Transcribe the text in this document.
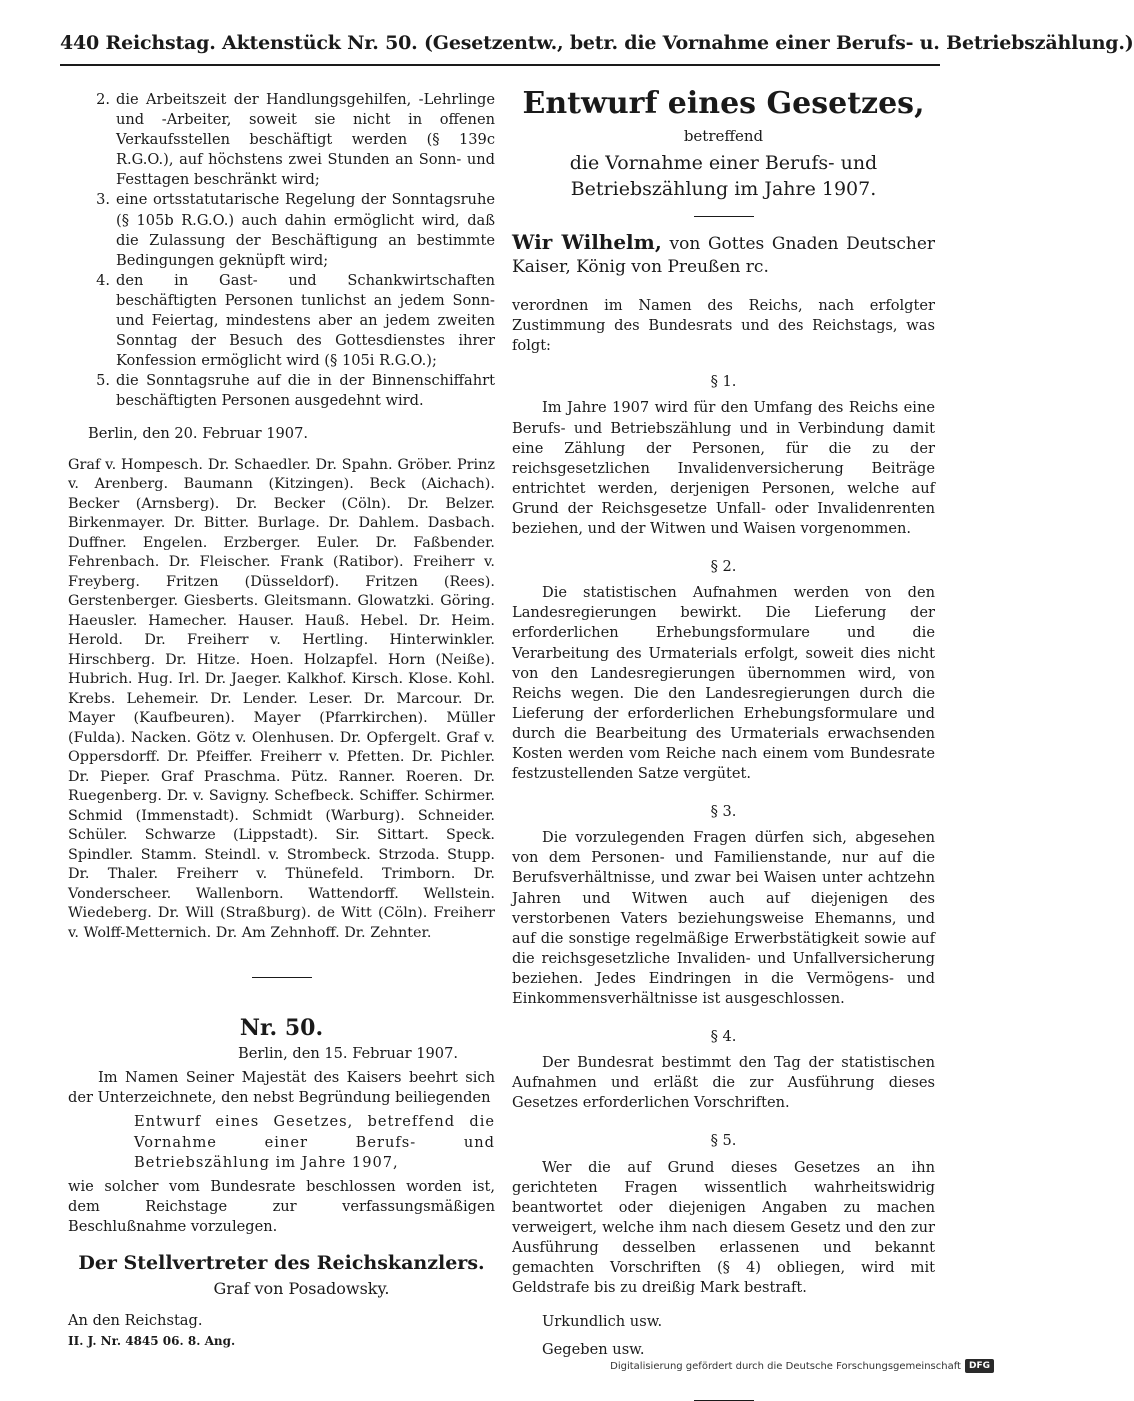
440 Reichstag. Aktenstück Nr. 50. (Gesetzentw., betr. die Vornahme einer Berufs- u. Betriebszählung.)
2. die Arbeitszeit der Handlungsgehilfen, -Lehrlinge und -Arbeiter, soweit sie nicht in offenen Verkaufsstellen beschäftigt werden (§ 139c R.G.O.), auf höchstens zwei Stunden an Sonn- und Festtagen beschränkt wird;
3. eine ortsstatutarische Regelung der Sonntagsruhe (§ 105b R.G.O.) auch dahin ermöglicht wird, daß die Zulassung der Beschäftigung an bestimmte Bedingungen geknüpft wird;
4. den in Gast- und Schankwirtschaften beschäftigten Personen tunlichst an jedem Sonn- und Feiertag, mindestens aber an jedem zweiten Sonntag der Besuch des Gottesdienstes ihrer Konfession ermöglicht wird (§ 105i R.G.O.);
5. die Sonntagsruhe auf die in der Binnenschiffahrt beschäftigten Personen ausgedehnt wird.
Berlin, den 20. Februar 1907.

Graf v. Hompesch. Dr. Schaedler. Dr. Spahn. Gröber. Prinz v. Arenberg. Baumann (Kitzingen). Beck (Aichach). Becker (Arnsberg). Dr. Becker (Cöln). Dr. Belzer. Birkenmayer. Dr. Bitter. Burlage. Dr. Dahlem. Dasbach. Duffner. Engelen. Erzberger. Euler. Dr. Faßbender. Fehrenbach. Dr. Fleischer. Frank (Ratibor). Freiherr v. Freyberg. Fritzen (Düsseldorf). Fritzen (Rees). Gerstenberger. Giesberts. Gleitsmann. Glowatzki. Göring. Haeusler. Hamecher. Hauser. Hauß. Hebel. Dr. Heim. Herold. Dr. Freiherr v. Hertling. Hinterwinkler. Hirschberg. Dr. Hitze. Hoen. Holzapfel. Horn (Neiße). Hubrich. Hug. Irl. Dr. Jaeger. Kalkhof. Kirsch. Klose. Kohl. Krebs. Lehemeir. Dr. Lender. Leser. Dr. Marcour. Dr. Mayer (Kaufbeuren). Mayer (Pfarrkirchen). Müller (Fulda). Nacken. Götz v. Olenhusen. Dr. Opfergelt. Graf v. Oppersdorff. Dr. Pfeiffer. Freiherr v. Pfetten. Dr. Pichler. Dr. Pieper. Graf Praschma. Pütz. Ranner. Roeren. Dr. Ruegenberg. Dr. v. Savigny. Schefbeck. Schiffer. Schirmer. Schmid (Immenstadt). Schmidt (Warburg). Schneider. Schüler. Schwarze (Lippstadt). Sir. Sittart. Speck. Spindler. Stamm. Steindl. v. Strombeck. Strzoda. Stupp. Dr. Thaler. Freiherr v. Thünefeld. Trimborn. Dr. Vonderscheer. Wallenborn. Wattendorff. Wellstein. Wiedeberg. Dr. Will (Straßburg). de Witt (Cöln). Freiherr v. Wolff-Metternich. Dr. Am Zehnhoff. Dr. Zehnter.

Nr. 50.
Berlin, den 15. Februar 1907.

Im Namen Seiner Majestät des Kaisers beehrt sich der Unterzeichnete, den nebst Begründung beiliegenden

Entwurf eines Gesetzes, betreffend die Vornahme einer Berufs- und Betriebszählung im Jahre 1907,

wie solcher vom Bundesrate beschlossen worden ist, dem Reichstage zur verfassungsmäßigen Beschlußnahme vorzulegen.

Der Stellvertreter des Reichskanzlers.
Graf von Posadowsky.
An den Reichstag.
II. J. Nr. 4845 06. 8. Ang.
Entwurf eines Gesetzes,
betreffend
die Vornahme einer Berufs- und Betriebszählung im Jahre 1907.

Wir Wilhelm, von Gottes Gnaden Deutscher Kaiser, König von Preußen rc.

verordnen im Namen des Reichs, nach erfolgter Zustimmung des Bundesrats und des Reichstags, was folgt:

§ 1.

Im Jahre 1907 wird für den Umfang des Reichs eine Berufs- und Betriebszählung und in Verbindung damit eine Zählung der Personen, für die zu der reichsgesetzlichen Invalidenversicherung Beiträge entrichtet werden, derjenigen Personen, welche auf Grund der Reichsgesetze Unfall- oder Invalidenrenten beziehen, und der Witwen und Waisen vorgenommen.

§ 2.

Die statistischen Aufnahmen werden von den Landesregierungen bewirkt. Die Lieferung der erforderlichen Erhebungsformulare und die Verarbeitung des Urmaterials erfolgt, soweit dies nicht von den Landesregierungen übernommen wird, von Reichs wegen. Die den Landesregierungen durch die Lieferung der erforderlichen Erhebungsformulare und durch die Bearbeitung des Urmaterials erwachsenden Kosten werden vom Reiche nach einem vom Bundesrate festzustellenden Satze vergütet.

§ 3.

Die vorzulegenden Fragen dürfen sich, abgesehen von dem Personen- und Familienstande, nur auf die Berufsverhältnisse, und zwar bei Waisen unter achtzehn Jahren und Witwen auch auf diejenigen des verstorbenen Vaters beziehungsweise Ehemanns, und auf die sonstige regelmäßige Erwerbstätigkeit sowie auf die reichsgesetzliche Invaliden- und Unfallversicherung beziehen. Jedes Eindringen in die Vermögens- und Einkommensverhältnisse ist ausgeschlossen.

§ 4.

Der Bundesrat bestimmt den Tag der statistischen Aufnahmen und erläßt die zur Ausführung dieses Gesetzes erforderlichen Vorschriften.

§ 5.

Wer die auf Grund dieses Gesetzes an ihn gerichteten Fragen wissentlich wahrheitswidrig beantwortet oder diejenigen Angaben zu machen verweigert, welche ihm nach diesem Gesetz und den zur Ausführung desselben erlassenen und bekannt gemachten Vorschriften (§ 4) obliegen, wird mit Geldstrafe bis zu dreißig Mark bestraft.

Urkundlich usw.
Gegeben usw.
Digitalisierung gefördert durch die Deutsche Forschungsgemeinschaft DFG
